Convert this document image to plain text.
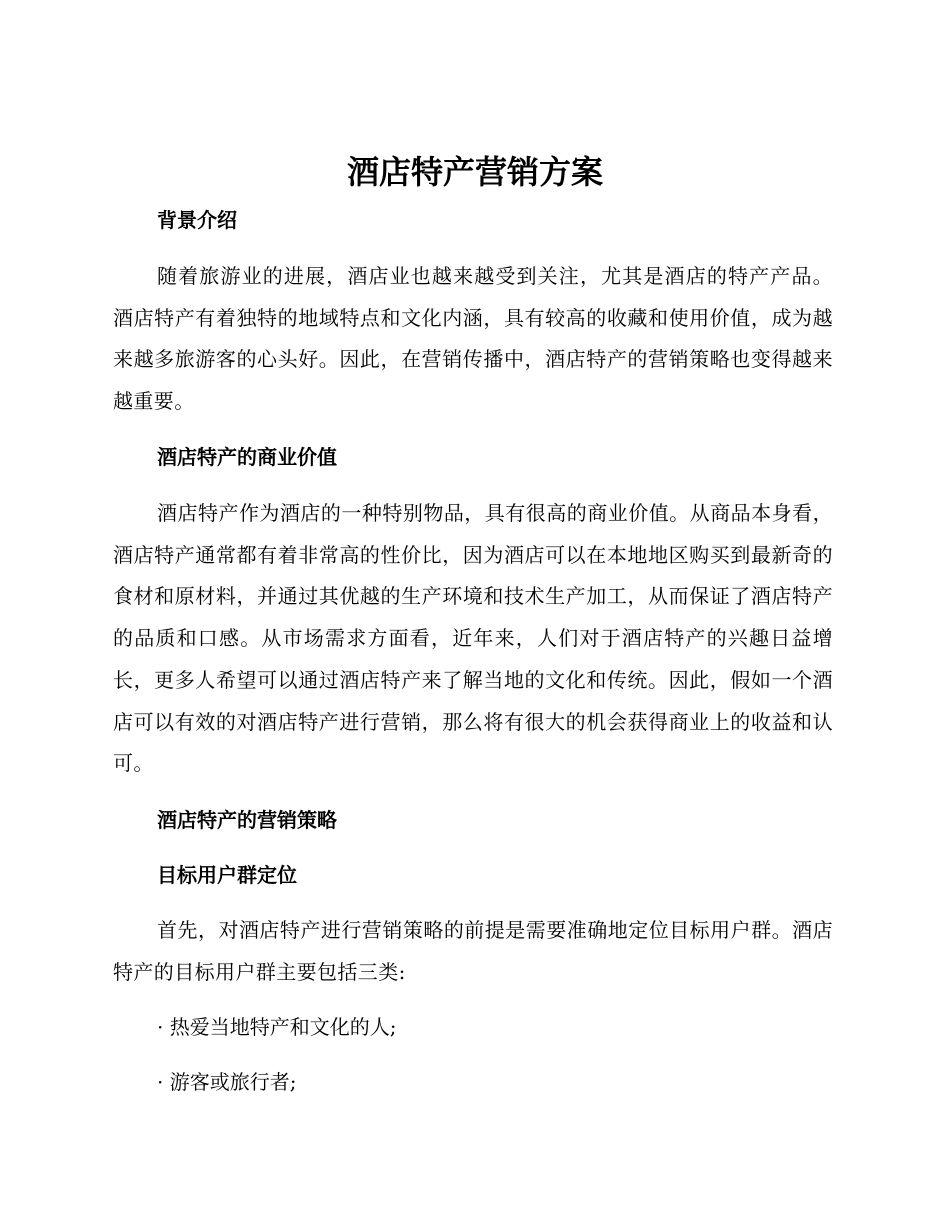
酒店特产营销方案
背景介绍

随着旅游业的进展，酒店业也越来越受到关注，尤其是酒店的特产产品。 酒店特产有着独特的地域特点和文化内涵，具有较高的收藏和使用价值，成为越来越多旅游客的心头好。因此，在营销传播中，酒店特产的营销策略也变得越来越重要。

酒店特产的商业价值

酒店特产作为酒店的一种特别物品，具有很高的商业价值。从商品本身看，酒店特产通常都有着非常高的性价比，因为酒店可以在本地地区购买到最新奇的食材和原材料，并通过其优越的生产环境和技术生产加工，从而保证了酒店特产的品质和口感。从市场需求方面看，近年来，人们对于酒店特产的兴趣日益增长，更多人希望可以通过酒店特产来了解当地的文化和传统。因此，假如一个酒店可以有效的对酒店特产进行营销，那么将有很大的机会获得商业上的收益和认可。

酒店特产的营销策略
目标用户群定位

首先，对酒店特产进行营销策略的前提是需要准确地定位目标用户群。酒店特产的目标用户群主要包括三类:

· 热爱当地特产和文化的人;

· 游客或旅行者;
